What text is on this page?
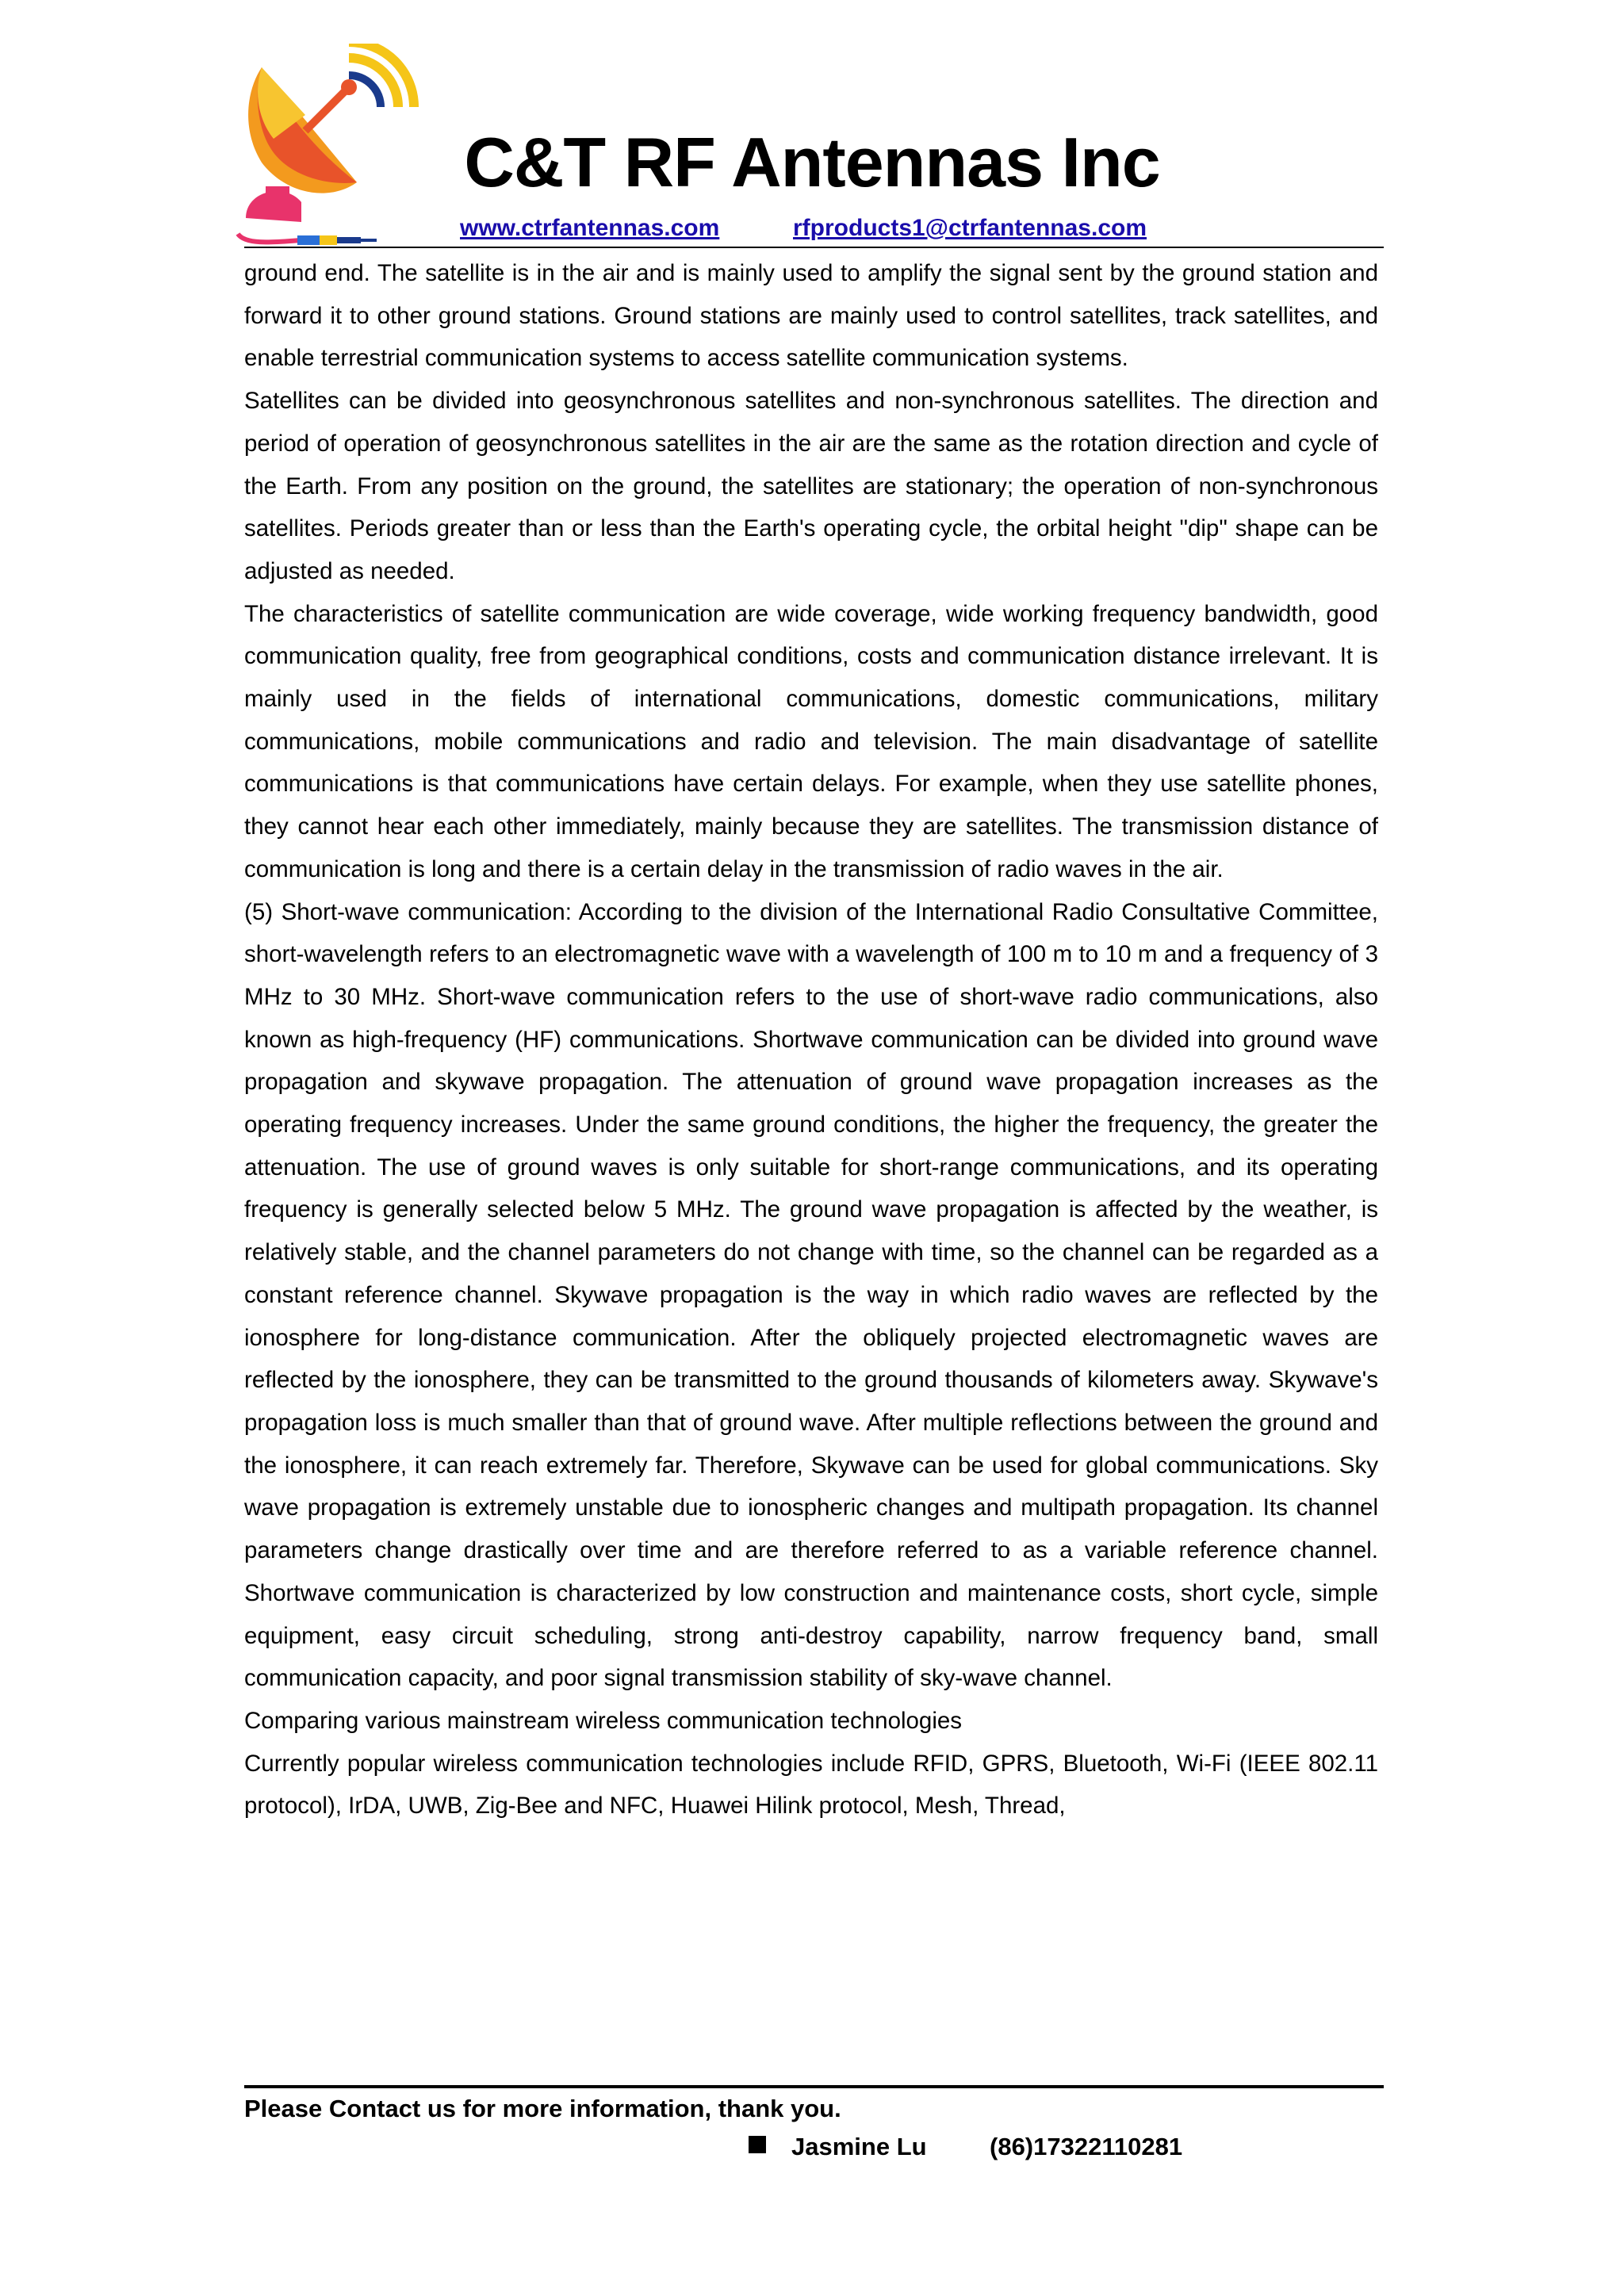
C&T RF Antennas Inc
www.ctrfantennas.com	rfproducts1@ctrfantennas.com

ground end. The satellite is in the air and is mainly used to amplify the signal sent by the ground station and forward it to other ground stations. Ground stations are mainly used to control satellites, track satellites, and enable terrestrial communication systems to access satellite communication systems.

Satellites can be divided into geosynchronous satellites and non-synchronous satellites. The direction and period of operation of geosynchronous satellites in the air are the same as the rotation direction and cycle of the Earth. From any position on the ground, the satellites are stationary; the operation of non-synchronous satellites. Periods greater than or less than the Earth's operating cycle, the orbital height "dip" shape can be adjusted as needed.

The characteristics of satellite communication are wide coverage, wide working frequency bandwidth, good communication quality, free from geographical conditions, costs and communication distance irrelevant. It is mainly used in the fields of international communications, domestic communications, military communications, mobile communications and radio and television. The main disadvantage of satellite communications is that communications have certain delays. For example, when they use satellite phones, they cannot hear each other immediately, mainly because they are satellites. The transmission distance of communication is long and there is a certain delay in the transmission of radio waves in the air.

(5) Short-wave communication: According to the division of the International Radio Consultative Committee, short-wavelength refers to an electromagnetic wave with a wavelength of 100 m to 10 m and a frequency of 3 MHz to 30 MHz. Short-wave communication refers to the use of short-wave radio communications, also known as high-frequency (HF) communications. Shortwave communication can be divided into ground wave propagation and skywave propagation. The attenuation of ground wave propagation increases as the operating frequency increases. Under the same ground conditions, the higher the frequency, the greater the attenuation. The use of ground waves is only suitable for short-range communications, and its operating frequency is generally selected below 5 MHz. The ground wave propagation is affected by the weather, is relatively stable, and the channel parameters do not change with time, so the channel can be regarded as a constant reference channel. Skywave propagation is the way in which radio waves are reflected by the ionosphere for long-distance communication. After the obliquely projected electromagnetic waves are reflected by the ionosphere, they can be transmitted to the ground thousands of kilometers away. Skywave's propagation loss is much smaller than that of ground wave. After multiple reflections between the ground and the ionosphere, it can reach extremely far. Therefore, Skywave can be used for global communications. Sky wave propagation is extremely unstable due to ionospheric changes and multipath propagation. Its channel parameters change drastically over time and are therefore referred to as a variable reference channel. Shortwave communication is characterized by low construction and maintenance costs, short cycle, simple equipment, easy circuit scheduling, strong anti-destroy capability, narrow frequency band, small communication capacity, and poor signal transmission stability of sky-wave channel.

Comparing various mainstream wireless communication technologies

Currently popular wireless communication technologies include RFID, GPRS, Bluetooth, Wi-Fi (IEEE 802.11 protocol), IrDA, UWB, Zig-Bee and NFC, Huawei Hilink protocol, Mesh, Thread,

Please Contact us for more information, thank you.
Jasmine Lu	(86)17322110281
